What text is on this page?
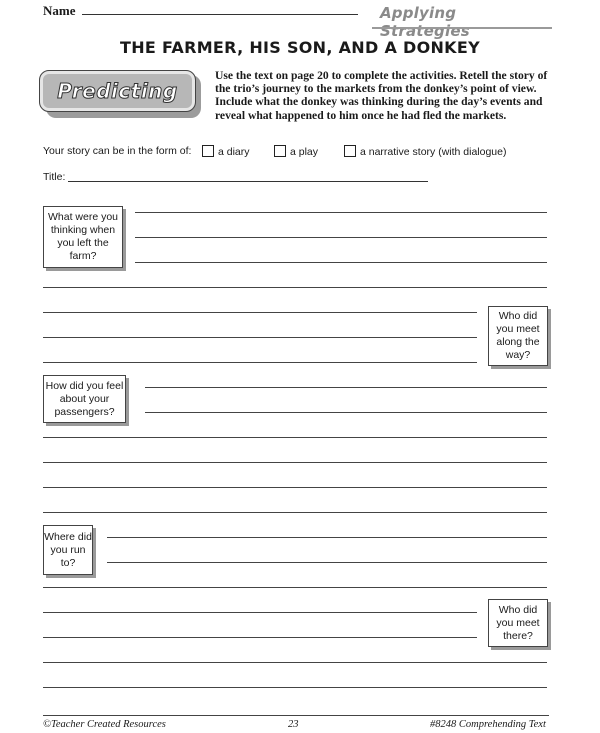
Name	Applying Strategies
THE FARMER, HIS SON, AND A DONKEY
Predicting
Use the text on page 20 to complete the activities. Retell the story of the trio’s journey to the markets from the donkey’s point of view. Include what the donkey was thinking during the day’s events and reveal what happened to him once he had fled the markets.
Your story can be in the form of:	a diary	a play	a narrative story (with dialogue)
Title:
What were you thinking when you left the farm?
Who did you meet along the way?
How did you feel about your passengers?
Where did you run to?
Who did you meet there?
©Teacher Created Resources	23	#8248 Comprehending Text
